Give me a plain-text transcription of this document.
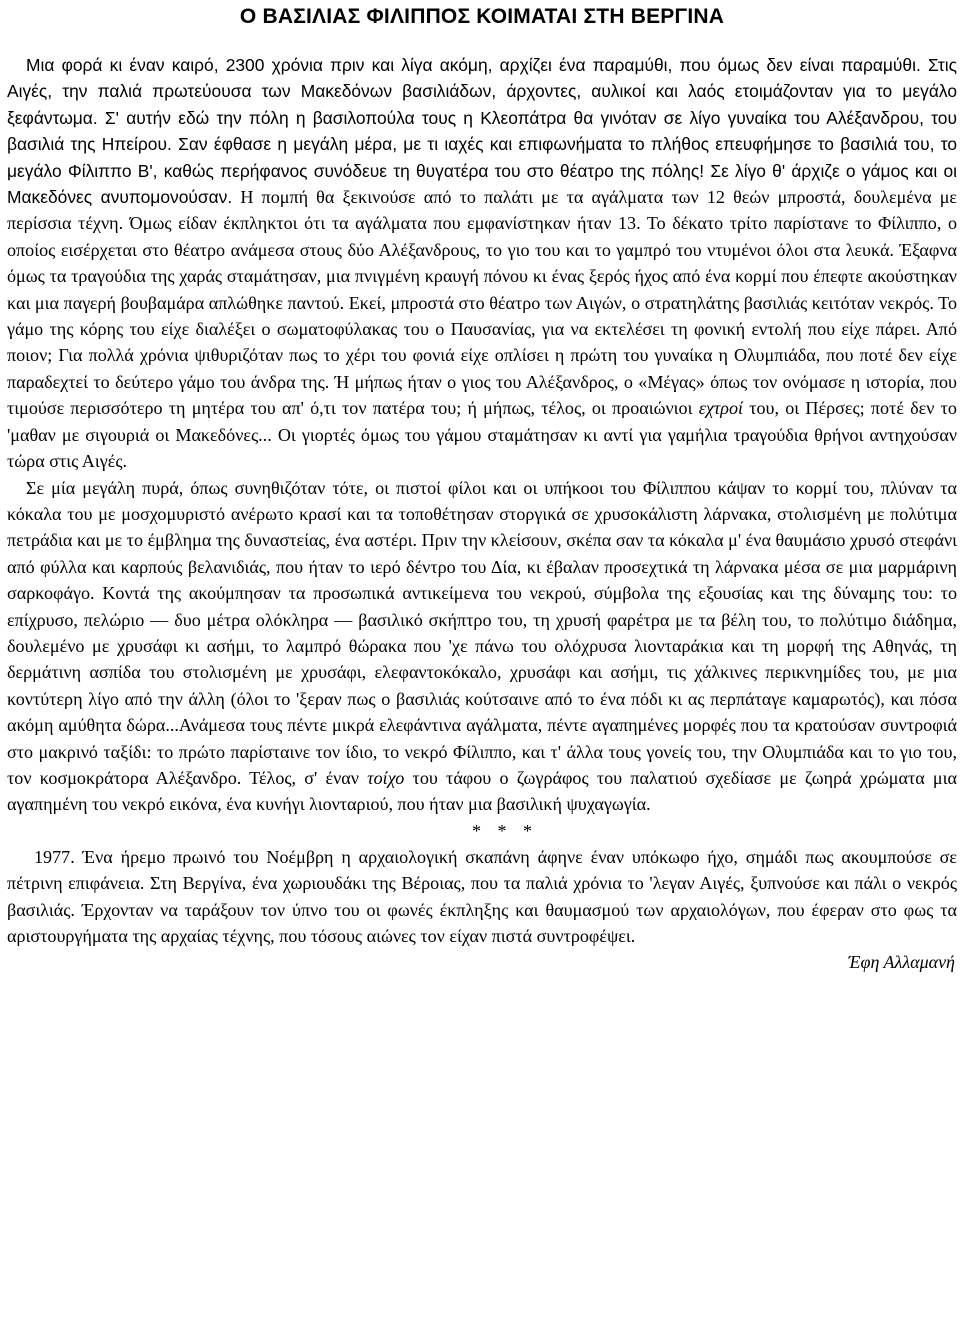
Ο ΒΑΣΙΛΙΑΣ ΦΙΛΙΠΠΟΣ ΚΟΙΜΑΤΑΙ ΣΤΗ ΒΕΡΓΙΝΑ

Μια φορά κι έναν καιρό, 2300 χρόνια πριν και λίγα ακόμη, αρχίζει ένα παραμύθι, που όμως δεν είναι παραμύθι. Στις Αιγές, την παλιά πρωτεύουσα των Μακεδόνων βασιλιάδων, άρχοντες, αυλικοί και λαός ετοιμάζονταν για το μεγάλο ξεφάντωμα. Σ' αυτήν εδώ την πόλη η βασιλοπούλα τους η Κλεοπάτρα θα γινόταν σε λίγο γυναίκα του Αλέξανδρου, του βασιλιά της Ηπείρου. Σαν έφθασε η μεγάλη μέρα, με τι ιαχές και επιφωνήματα το πλήθος επευφήμησε το βασιλιά του, το μεγάλο Φίλιππο Β', καθώς περήφανος συνόδευε τη θυγατέρα του στο θέατρο της πόλης! Σε λίγο θ' άρχιζε ο γάμος και οι Μακεδόνες ανυπομονούσαν. Η πομπή θα ξεκινούσε από το παλάτι με τα αγάλματα των 12 θεών μπροστά, δουλεμένα με περίσσια τέχνη. Όμως είδαν έκπληκτοι ότι τα αγάλματα που εμφανίστηκαν ήταν 13. Το δέκατο τρίτο παρίστανε το Φίλιππο, ο οποίος εισέρχεται στο θέατρο ανάμεσα στους δύο Αλέξανδρους, το γιο του και το γαμπρό του ντυμένοι όλοι στα λευκά. Έξαφνα όμως τα τραγούδια της χαράς σταμάτησαν, μια πνιγμένη κραυγή πόνου κι ένας ξερός ήχος από ένα κορμί που έπεφτε ακούστηκαν και μια παγερή βουβαμάρα απλώθηκε παντού. Εκεί, μπροστά στο θέατρο των Αιγών, ο στρατηλάτης βασιλιάς κειτόταν νεκρός. Το γάμο της κόρης του είχε διαλέξει ο σωματοφύλακας του ο Παυσανίας, για να εκτελέσει τη φονική εντολή που είχε πάρει. Από ποιον; Για πολλά χρόνια ψιθυριζόταν πως το χέρι του φονιά είχε οπλίσει η πρώτη του γυναίκα η Ολυμπιάδα, που ποτέ δεν είχε παραδεχτεί το δεύτερο γάμο του άνδρα της. Ή μήπως ήταν ο γιος του Αλέξανδρος, ο «Μέγας» όπως τον ονόμασε η ιστορία, που τιμούσε περισσότερο τη μητέρα του απ' ό,τι τον πατέρα του; ή μήπως, τέλος, οι προαιώνιοι εχτροί του, οι Πέρσες; ποτέ δεν το 'μαθαν με σιγουριά οι Μακεδόνες... Οι γιορτές όμως του γάμου σταμάτησαν κι αντί για γαμήλια τραγούδια θρήνοι αντηχούσαν τώρα στις Αιγές.

Σε μία μεγάλη πυρά, όπως συνηθιζόταν τότε, οι πιστοί φίλοι και οι υπήκοοι του Φίλιππου κάψαν το κορμί του, πλύναν τα κόκαλα του με μοσχομυριστό ανέρωτο κρασί και τα τοποθέτησαν στοργικά σε χρυσοκάλιστη λάρνακα, στολισμένη με πολύτιμα πετράδια και με το έμβλημα της δυναστείας, ένα αστέρι. Πριν την κλείσουν, σκέπα σαν τα κόκαλα μ' ένα θαυμάσιο χρυσό στεφάνι από φύλλα και καρπούς βελανιδιάς, που ήταν το ιερό δέντρο του Δία, κι έβαλαν προσεχτικά τη λάρνακα μέσα σε μια μαρμάρινη σαρκοφάγο. Κοντά της ακούμπησαν τα προσωπικά αντικείμενα του νεκρού, σύμβολα της εξουσίας και της δύναμης του: το επίχρυσο, πελώριο — δυο μέτρα ολόκληρα — βασιλικό σκήπτρο του, τη χρυσή φαρέτρα με τα βέλη του, το πολύτιμο διάδημα, δουλεμένο με χρυσάφι κι ασήμι, το λαμπρό θώρακα που 'χε πάνω του ολόχρυσα λιονταράκια και τη μορφή της Αθηνάς, τη δερμάτινη ασπίδα του στολισμένη με χρυσάφι, ελεφαντοκόκαλο, χρυσάφι και ασήμι, τις χάλκινες περικνημίδες του, με μια κοντύτερη λίγο από την άλλη (όλοι το 'ξεραν πως ο βασιλιάς κούτσαινε από το ένα πόδι κι ας περπάταγε καμαρωτός), και πόσα ακόμη αμύθητα δώρα...Ανάμεσα τους πέντε μικρά ελεφάντινα αγάλματα, πέντε αγαπημένες μορφές που τα κρατούσαν συντροφιά στο μακρινό ταξίδι: το πρώτο παρίσταινε τον ίδιο, το νεκρό Φίλιππο, και τ' άλλα τους γονείς του, την Ολυμπιάδα και το γιο του, τον κοσμοκράτορα Αλέξανδρο. Τέλος, σ' έναν τοίχο του τάφου ο ζωγράφος του παλατιού σχεδίασε με ζωηρά χρώματα μια αγαπημένη του νεκρό εικόνα, ένα κυνήγι λιονταριού, που ήταν μια βασιλική ψυχαγωγία.

* * *

1977. Ένα ήρεμο πρωινό του Νοέμβρη η αρχαιολογική σκαπάνη άφηνε έναν υπόκωφο ήχο, σημάδι πως ακουμπούσε σε πέτρινη επιφάνεια. Στη Βεργίνα, ένα χωριουδάκι της Βέροιας, που τα παλιά χρόνια το 'λεγαν Αιγές, ξυπνούσε και πάλι ο νεκρός βασιλιάς. Έρχονταν να ταράξουν τον ύπνο του οι φωνές έκπληξης και θαυμασμού των αρχαιολόγων, που έφεραν στο φως τα αριστουργήματα της αρχαίας τέχνης, που τόσους αιώνες τον είχαν πιστά συντροφέψει.

Έφη Αλλαμανή
